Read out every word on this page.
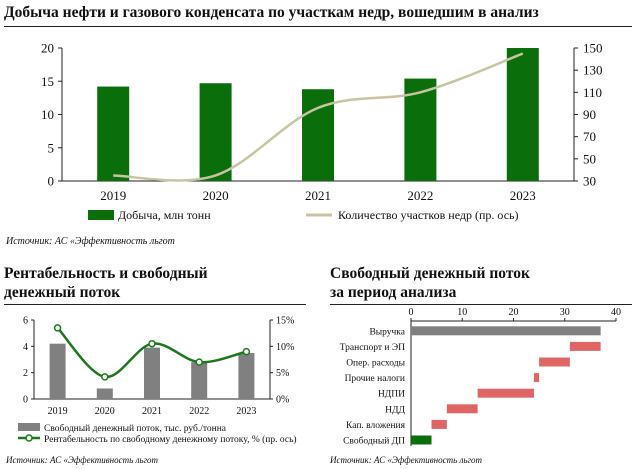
Добыча нефти и газового конденсата по участкам недр, вошедшим в анализ
0
5
10
15
20
30
50
70
90
110
130
150
2019	2020	2021	2022	2023
Добыча, млн тонн	Количество участков недр (пр. ось)
Источник: АС «Эффективность льгот
Рентабельность и свободный
денежный поток
0
2
4
6
0%
5%
10%
15%
2019	2020	2021	2022	2023
Свободный денежный поток, тыс. руб./тонна
Рентабельность по свободному денежному потоку, % (пр. ось)
Источник: АС «Эффективность льгот
Свободный денежный поток
за период анализа
0	10	20	30	40
Выручка
Транспорт и ЭП
Опер. расходы
Прочие налоги
НДПИ
НДД
Кап. вложения
Свободный ДП
Источник: АС «Эффективность льгот
